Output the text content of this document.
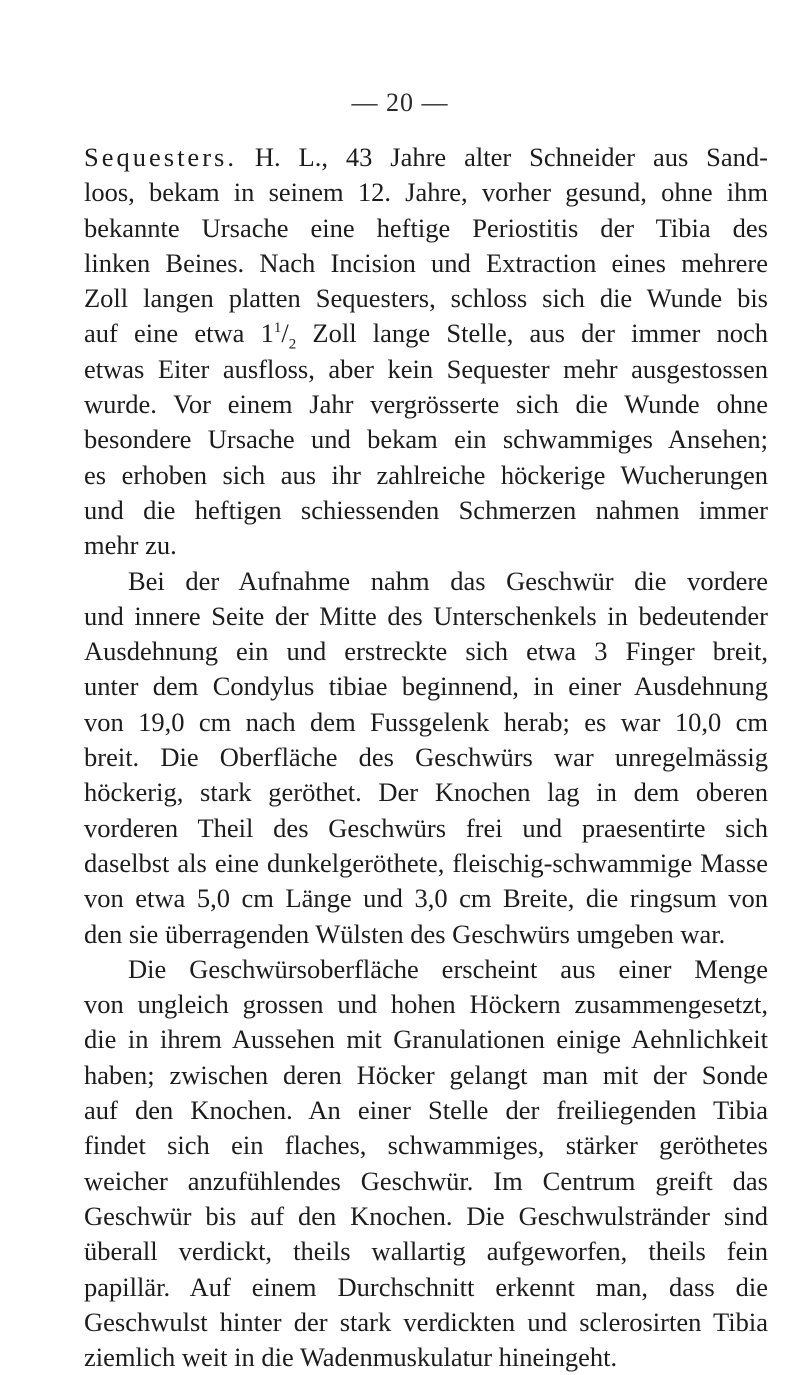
— 20 —
Sequesters. H. L., 43 Jahre alter Schneider aus Sand-
loos, bekam in seinem 12. Jahre, vorher gesund, ohne ihm
bekannte Ursache eine heftige Periostitis der Tibia des
linken Beines. Nach Incision und Extraction eines mehrere
Zoll langen platten Sequesters, schloss sich die Wunde bis
auf eine etwa $1^1/_2$ Zoll lange Stelle, aus der immer noch
etwas Eiter ausfloss, aber kein Sequester mehr ausgestossen
wurde. Vor einem Jahr vergrösserte sich die Wunde ohne
besondere Ursache und bekam ein schwammiges Ansehen;
es erhoben sich aus ihr zahlreiche höckerige Wucherungen
und die heftigen schiessenden Schmerzen nahmen immer
mehr zu.
Bei der Aufnahme nahm das Geschwür die vordere
und innere Seite der Mitte des Unterschenkels in bedeutender
Ausdehnung ein und erstreckte sich etwa 3 Finger breit,
unter dem Condylus tibiae beginnend, in einer Ausdehnung
von 19,0 cm nach dem Fussgelenk herab; es war 10,0 cm
breit. Die Oberfläche des Geschwürs war unregelmässig
höckerig, stark geröthet. Der Knochen lag in dem oberen
vorderen Theil des Geschwürs frei und praesentirte sich
daselbst als eine dunkelgeröthete, fleischig-schwammige Masse
von etwa 5,0 cm Länge und 3,0 cm Breite, die ringsum von
den sie überragenden Wülsten des Geschwürs umgeben war.
Die Geschwürsoberfläche erscheint aus einer Menge
von ungleich grossen und hohen Höckern zusammengesetzt,
die in ihrem Aussehen mit Granulationen einige Aehnlichkeit
haben; zwischen deren Höcker gelangt man mit der Sonde
auf den Knochen. An einer Stelle der freiliegenden Tibia
findet sich ein flaches, schwammiges, stärker geröthetes
weicher anzufühlendes Geschwür. Im Centrum greift das
Geschwür bis auf den Knochen. Die Geschwulstränder sind
überall verdickt, theils wallartig aufgeworfen, theils fein
papillär. Auf einem Durchschnitt erkennt man, dass die
Geschwulst hinter der stark verdickten und sclerosirten Tibia
ziemlich weit in die Wadenmuskulatur hineingeht.
